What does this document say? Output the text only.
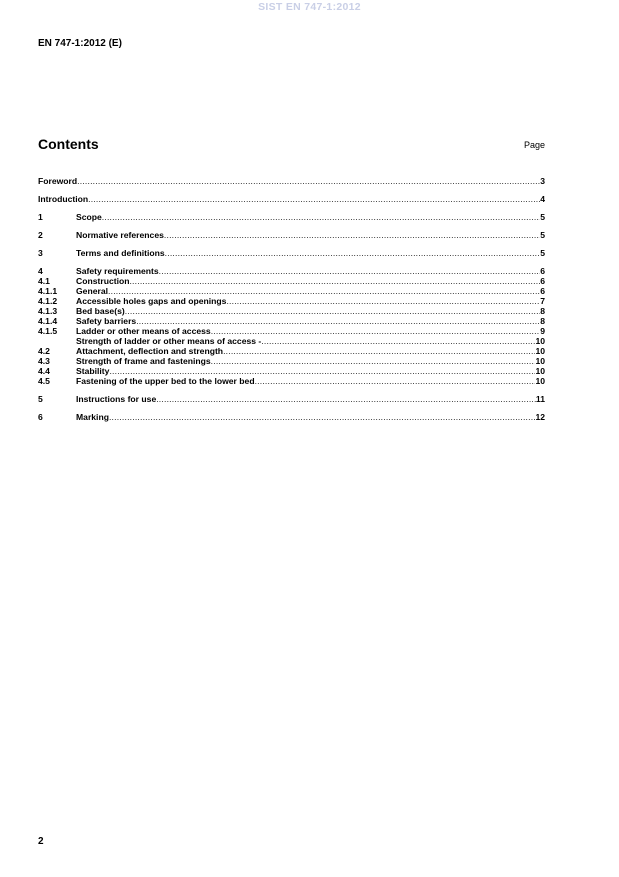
SIST EN 747-1:2012
EN 747-1:2012 (E)
Contents	Page
Foreword .....	3
Introduction .....	4
1	Scope .....	5
2	Normative references .....	5
3	Terms and definitions .....	5
4	Safety requirements .....	6
4.1	Construction .....	6
4.1.1 General .....	6
4.1.2 Accessible holes gaps and openings .....	7
4.1.3 Bed base(s) .....	8
4.1.4 Safety barriers .....	8
4.1.5 Ladder or other means of access .....	9
Strength of ladder or other means of access - .....	10
4.2	Attachment, deflection and strength .....	10
4.3	Strength of frame and fastenings .....	10
4.4	Stability .....	10
4.5	Fastening of the upper bed to the lower bed .....	10
5	Instructions for use .....	11
6	Marking .....	12
2
